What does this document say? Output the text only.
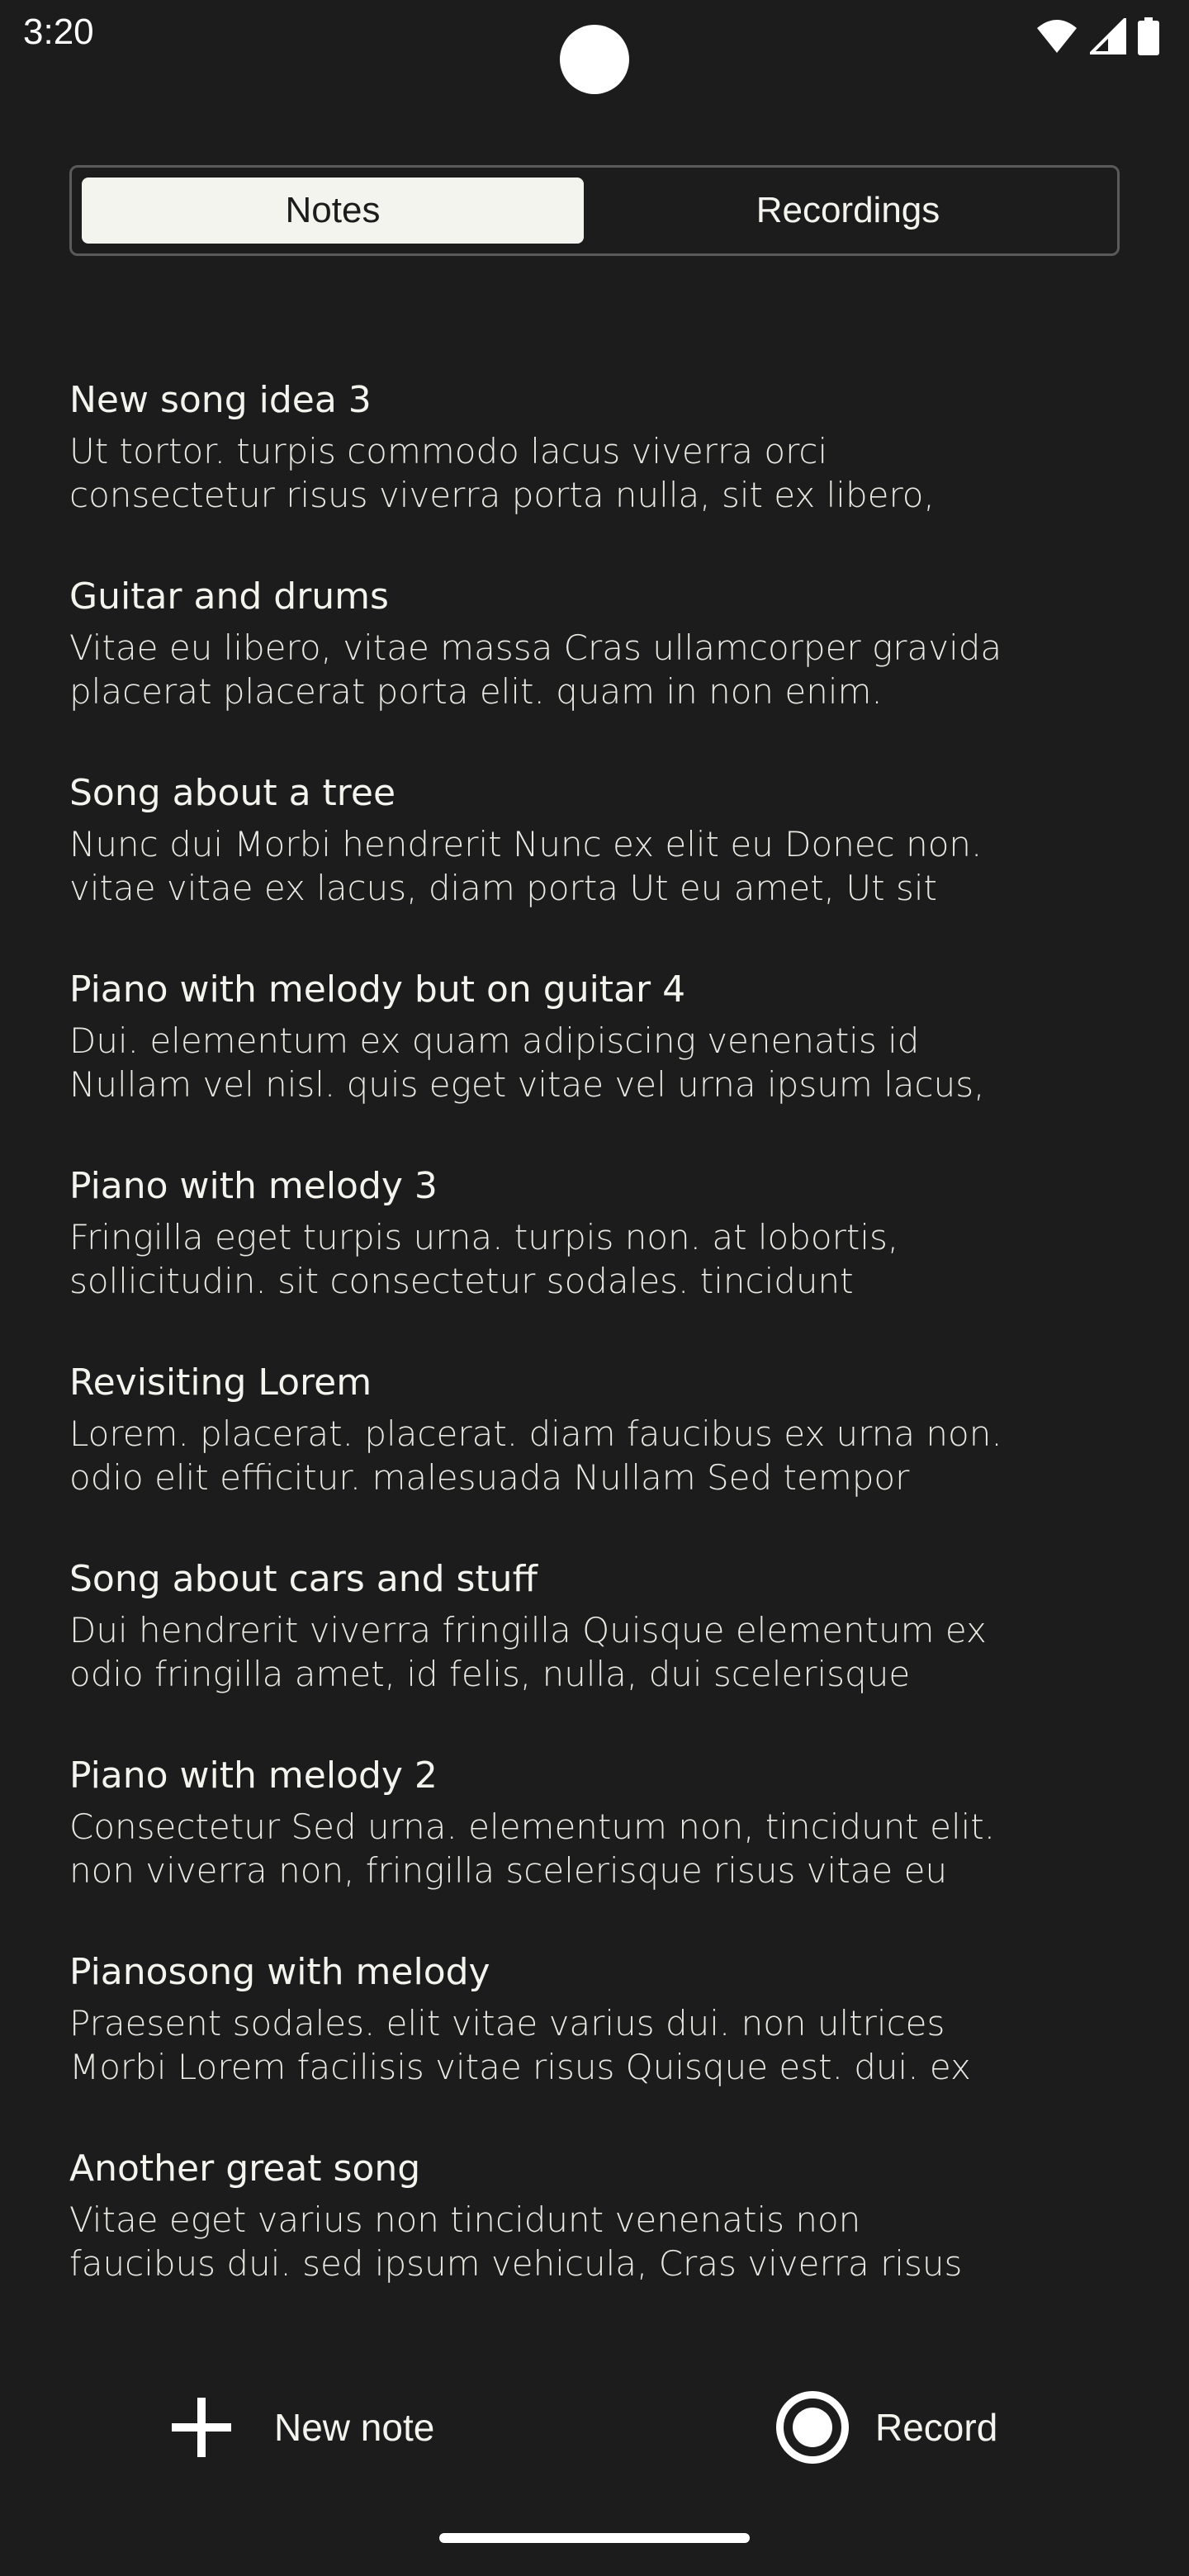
3:20
Notes	Recordings
New song idea 3
Ut tortor. turpis commodo lacus viverra orci
consectetur risus viverra porta nulla, sit ex libero,
Guitar and drums
Vitae eu libero, vitae massa Cras ullamcorper gravida
placerat placerat porta elit. quam in non enim.
Song about a tree
Nunc dui Morbi hendrerit Nunc ex elit eu Donec non.
vitae vitae ex lacus, diam porta Ut eu amet, Ut sit
Piano with melody but on guitar 4
Dui. elementum ex quam adipiscing venenatis id
Nullam vel nisl. quis eget vitae vel urna ipsum lacus,
Piano with melody 3
Fringilla eget turpis urna. turpis non. at lobortis,
sollicitudin. sit consectetur sodales. tincidunt
Revisiting Lorem
Lorem. placerat. placerat. diam faucibus ex urna non.
odio elit efficitur. malesuada Nullam Sed tempor
Song about cars and stuff
Dui hendrerit viverra fringilla Quisque elementum ex
odio fringilla amet, id felis, nulla, dui scelerisque
Piano with melody 2
Consectetur Sed urna. elementum non, tincidunt elit.
non viverra non, fringilla scelerisque risus vitae eu
Pianosong with melody
Praesent sodales. elit vitae varius dui. non ultrices
Morbi Lorem facilisis vitae risus Quisque est. dui. ex
Another great song
Vitae eget varius non tincidunt venenatis non
faucibus dui. sed ipsum vehicula, Cras viverra risus
New note	Record
